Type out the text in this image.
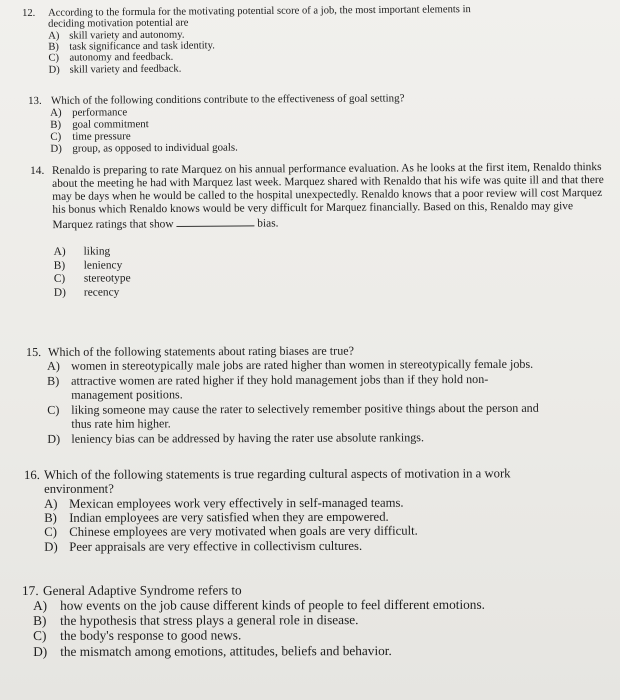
12.	According to the formula for the motivating potential score of a job, the most important elements in deciding motivation potential are
A) skill variety and autonomy.
B) task significance and task identity.
C) autonomy and feedback.
D) skill variety and feedback.
13. Which of the following conditions contribute to the effectiveness of goal setting?
A) performance
B)	goal commitment
C)	time pressure
D) group, as opposed to individual goals.
14. Renaldo is preparing to rate Marquez on his annual performance evaluation. As he looks at the first item, Renaldo thinks about the meeting he had with Marquez last week. Marquez shared with Renaldo that his wife was quite ill and that there may be days when he would be called to the hospital unexpectedly. Renaldo knows that a poor review will cost Marquez his bonus which Renaldo knows would be very difficult for Marquez financially. Based on this, Renaldo may give Marquez ratings that show	bias.
A)	liking
B)	leniency
C)	stereotype
D)	recency
15. Which of the following statements about rating biases are true?
A) women in stereotypically male jobs are rated higher than women in stereotypically female jobs.
B) attractive women are rated higher if they hold management jobs than if they hold non-management positions.
C) liking someone may cause the rater to selectively remember positive things about the person and thus rate him higher.
D) leniency bias can be addressed by having the rater use absolute rankings.
16. Which of the following statements is true regarding cultural aspects of motivation in a work environment?
A) Mexican employees work very effectively in self-managed teams.
B) Indian employees are very satisfied when they are empowered.
C) Chinese employees are very motivated when goals are very difficult.
D) Peer appraisals are very effective in collectivism cultures.
17. General Adaptive Syndrome refers to
A) how events on the job cause different kinds of people to feel different emotions.
B)	the hypothesis that stress plays a general role in disease.
C)	the body's response to good news.
D) the mismatch among emotions, attitudes, beliefs and behavior.
